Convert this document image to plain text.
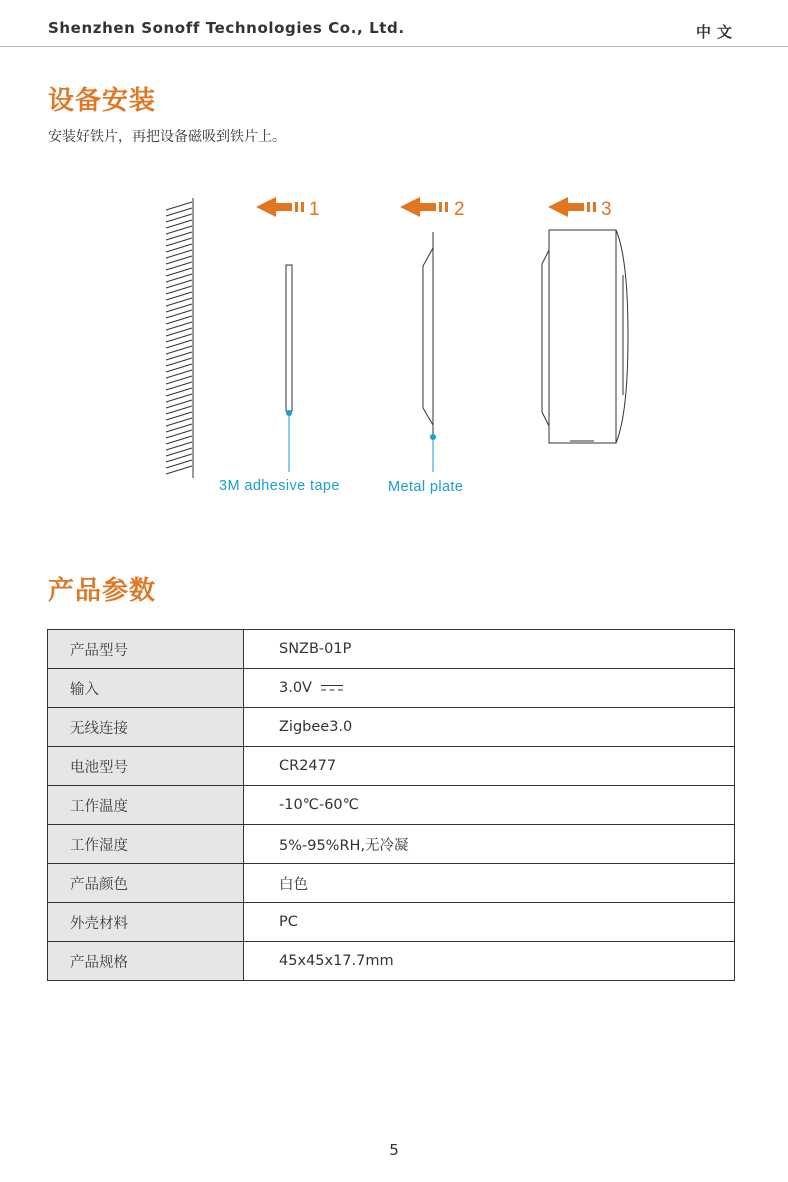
Shenzhen Sonoff Technologies Co., Ltd.	中文
设备安装
安装好铁片，再把设备磁吸到铁片上。
1	2	3
3M adhesive tape	Metal plate
产品参数
产品型号	SNZB-01P
输入	3.0V
无线连接	Zigbee3.0
电池型号	CR2477
工作温度	-10℃-60℃
工作湿度	5%-95%RH,无冷凝
产品颜色	白色
外壳材料	PC
产品规格	45x45x17.7mm
5
